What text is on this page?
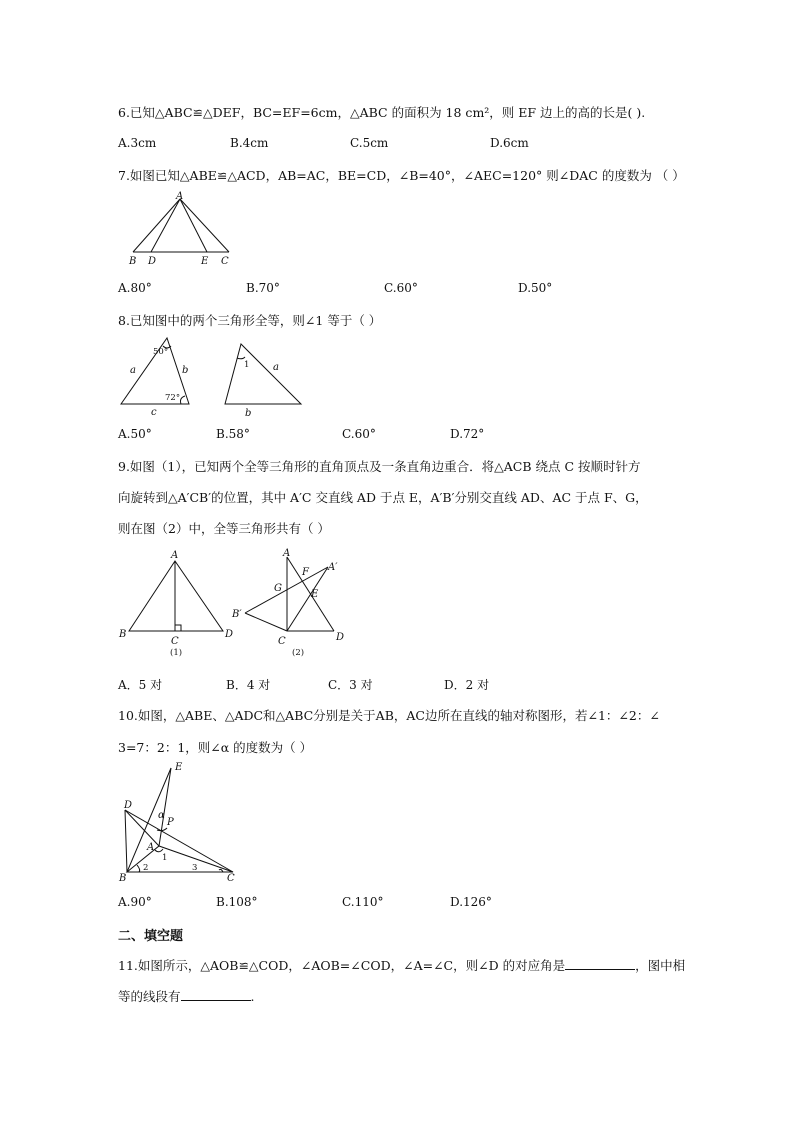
6.已知△ABC≌△DEF，BC=EF=6cm，△ABC 的面积为 18 cm²，则 EF 边上的高的长是( ).
A.3cm	B.4cm	C.5cm	D.6cm
7.如图已知△ABE≌△ACD，AB=AC，BE=CD，∠B=40°，∠AEC=120° 则∠DAC 的度数为 （ ）
A
B D	E C
A.80°	B.70°	C.60°	D.50°
8.已知图中的两个三角形全等，则∠1 等于（ ）
50°
a	b
72°
c
1 a
b
A.50°	B.58°	C.60°	D.72°
9.如图（1），已知两个全等三角形的直角顶点及一条直角边重合．将△ACB 绕点 C 按顺时针方
向旋转到△A′CB′的位置，其中 A′C 交直线 AD 于点 E，A′B′分别交直线 AD、AC 于点 F、G，
则在图（2）中，全等三角形共有（ ）
A
B
C
D
(1)
A
F A′
G
E
B′
C	D
(2)
A．5 对	B．4 对	C．3 对	D．2 对
10.如图，△ABE、△ADC和△ABC分别是关于AB，AC边所在直线的轴对称图形，若∠1：∠2：∠
3=7：2：1，则∠α 的度数为（ ）
E
D
P
α
A
1
2	3
B	C
A.90°	B.108°	C.110°	D.126°
二、填空题
11.如图所示，△AOB≌△COD，∠AOB=∠COD，∠A=∠C，则∠D 的对应角是	，图中相
等的线段有	.
